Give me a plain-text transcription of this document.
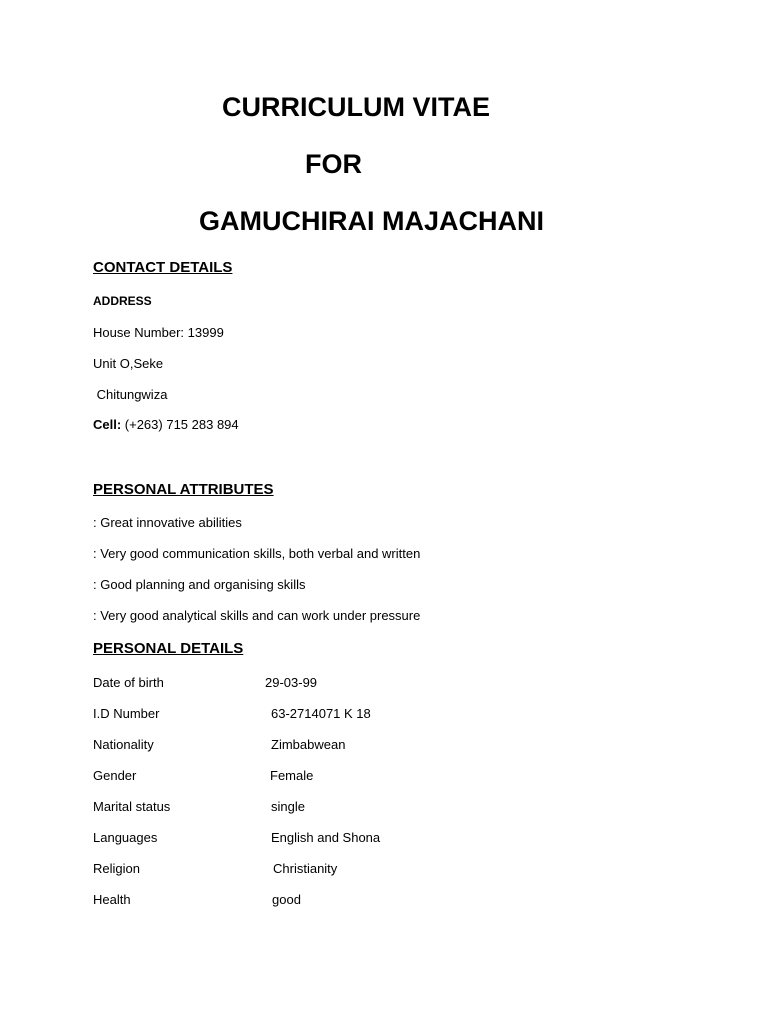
CURRICULUM VITAE
FOR
GAMUCHIRAI MAJACHANI
CONTACT DETAILS
ADDRESS
House Number: 13999
Unit O,Seke
Chitungwiza
Cell: (+263) 715 283 894
PERSONAL ATTRIBUTES
: Great innovative abilities
: Very good communication skills, both verbal and written
: Good planning and organising skills
: Very good analytical skills and can work under pressure
PERSONAL DETAILS
Date of birth	29-03-99
I.D Number	63-2714071 K 18
Nationality	Zimbabwean
Gender	Female
Marital status	single
Languages	English and Shona
Religion	Christianity
Health	good
